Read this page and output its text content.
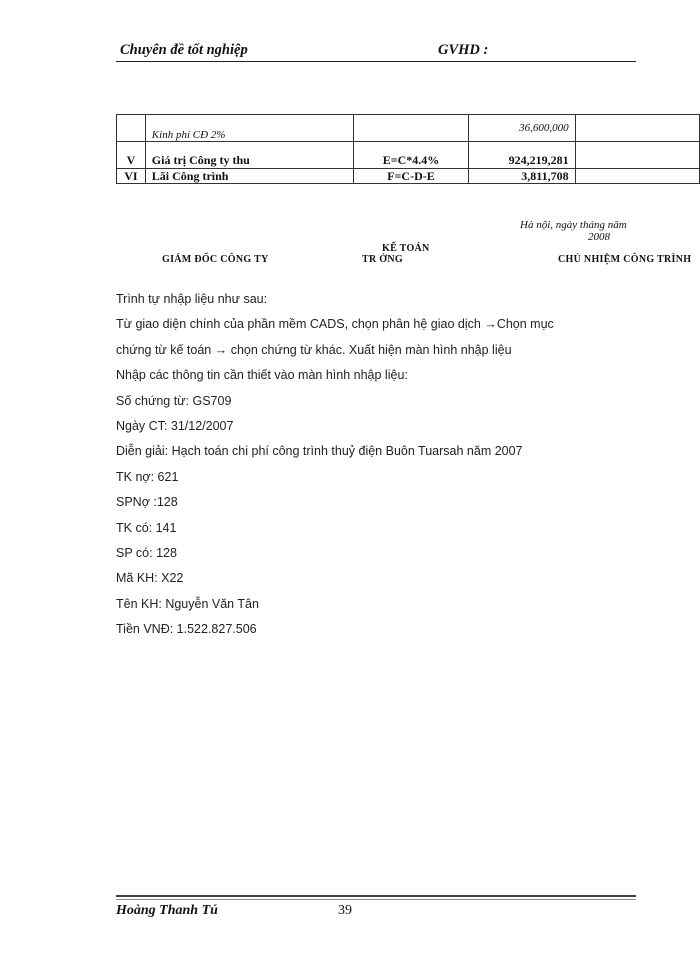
Chuyên đề tốt nghiệp	GVHD :
	Kinh phí CĐ 2%		36,600,000	
V	Giá trị Công ty thu	E=C*4.4%	924,219,281	

VI	Lãi Công trình	F=C-D-E	3,811,708	

Hà nội, ngày tháng năm
2008
GIÁM ĐỐC CÔNG TY
KẾ TOÁN
TR ỞNG	CHỦ NHIỆM CÔNG TRÌNH
Trình tự nhập liệu như sau:
Từ giao diện chính của phần mềm CADS, chọn phân hệ giao dịch →Chọn mục
chứng từ kế toán → chọn chứng từ khác. Xuất hiện màn hình nhập liệu
Nhập các thông tin cần thiết vào màn hình nhập liệu:
Số chứng từ: GS709
Ngày CT: 31/12/2007
Diễn giải: Hạch toán chi phí công trình thuỷ điện Buôn Tuarsah năm 2007
TK nợ: 621
SPNợ :128
TK có: 141
SP có: 128
Mã KH: X22
Tên KH: Nguyễn Văn Tân
Tiền VNĐ: 1.522.827.506
Hoàng Thanh Tú	39
